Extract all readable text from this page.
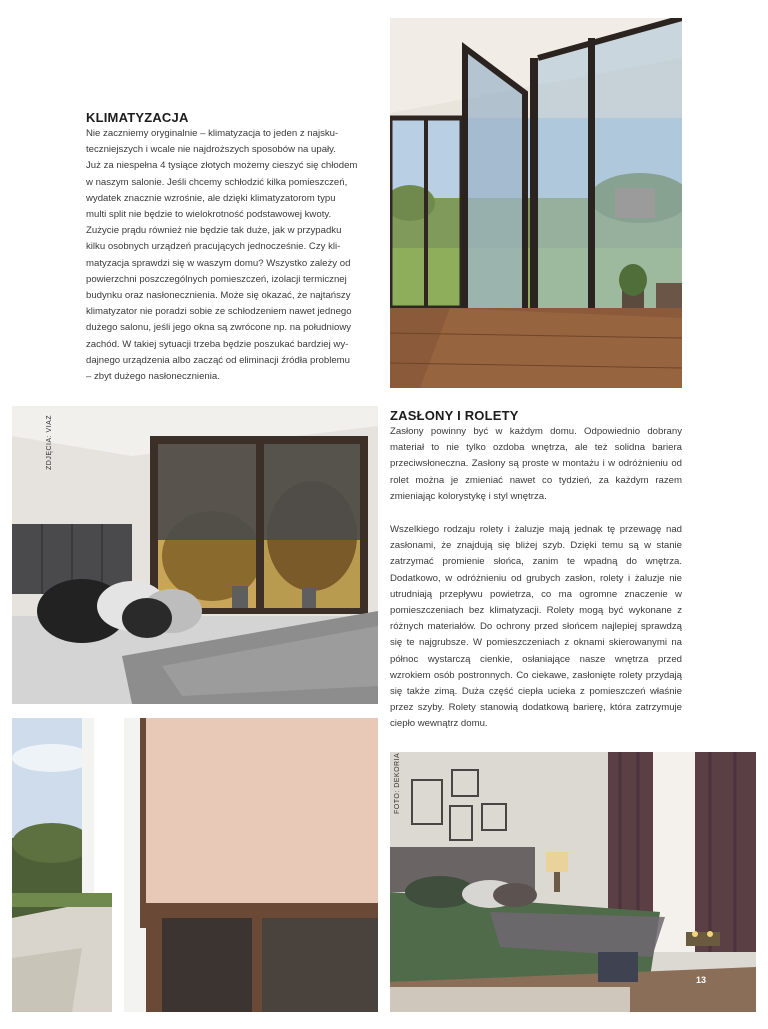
KLIMATYZACJA
Nie zaczniemy oryginalnie – klimatyzacja to jeden z najsku-
teczniejszych i wcale nie najdroższych sposobów na upały.
Już za niespełna 4 tysiące złotych możemy cieszyć się chłodem
w naszym salonie. Jeśli chcemy schłodzić kilka pomieszczeń,
wydatek znacznie wzrośnie, ale dzięki klimatyzatorom typu
multi split nie będzie to wielokrotność podstawowej kwoty.
Zużycie prądu również nie będzie tak duże, jak w przypadku
kilku osobnych urządzeń pracujących jednocześnie. Czy kli-
matyzacja sprawdzi się w waszym domu? Wszystko zależy od
powierzchni poszczególnych pomieszczeń, izolacji termicznej
budynku oraz nasłonecznienia. Może się okazać, że najtańszy
klimatyzator nie poradzi sobie ze schłodzeniem nawet jednego
dużego salonu, jeśli jego okna są zwrócone np. na południowy
zachód. W takiej sytuacji trzeba będzie poszukać bardziej wy-
dajnego urządzenia albo zacząć od eliminacji źródła problemu
– zbyt dużego nasłonecznienia.
ZASŁONY I ROLETY

Zasłony powinny być w każdym domu. Odpowiednio dobrany materiał to nie tylko ozdoba wnętrza, ale też solidna bariera przeciwsłoneczna. Zasłony są proste w montażu i w odróżnieniu od rolet można je zmieniać nawet co tydzień, za każdym razem zmieniając kolorystykę i styl wnętrza.

Wszelkiego rodzaju rolety i żaluzje mają jednak tę przewagę nad zasłonami, że znajdują się bliżej szyb. Dzięki temu są w stanie zatrzymać promienie słońca, zanim te wpadną do wnętrza. Dodatkowo, w odróżnieniu od grubych zasłon, rolety i żaluzje nie utrudniają przepływu powietrza, co ma ogromne znaczenie w pomieszczeniach bez klimatyzacji. Rolety mogą być wykonane z różnych materiałów. Do ochrony przed słońcem najlepiej sprawdzą się te najgrubsze. W pomieszczeniach z oknami skierowanymi na północ wystarczą cienkie, osłaniające nasze wnętrza przed wzrokiem osób postronnych. Co ciekawe, zasłonięte rolety przydają się także zimą. Duża część ciepła ucieka z pomieszczeń właśnie przez szyby. Rolety stanowią dodatkową barierę, która zatrzymuje ciepło wewnątrz domu.

ZDJĘCIA: VIAZ
FOTO: DEKORIA
13
